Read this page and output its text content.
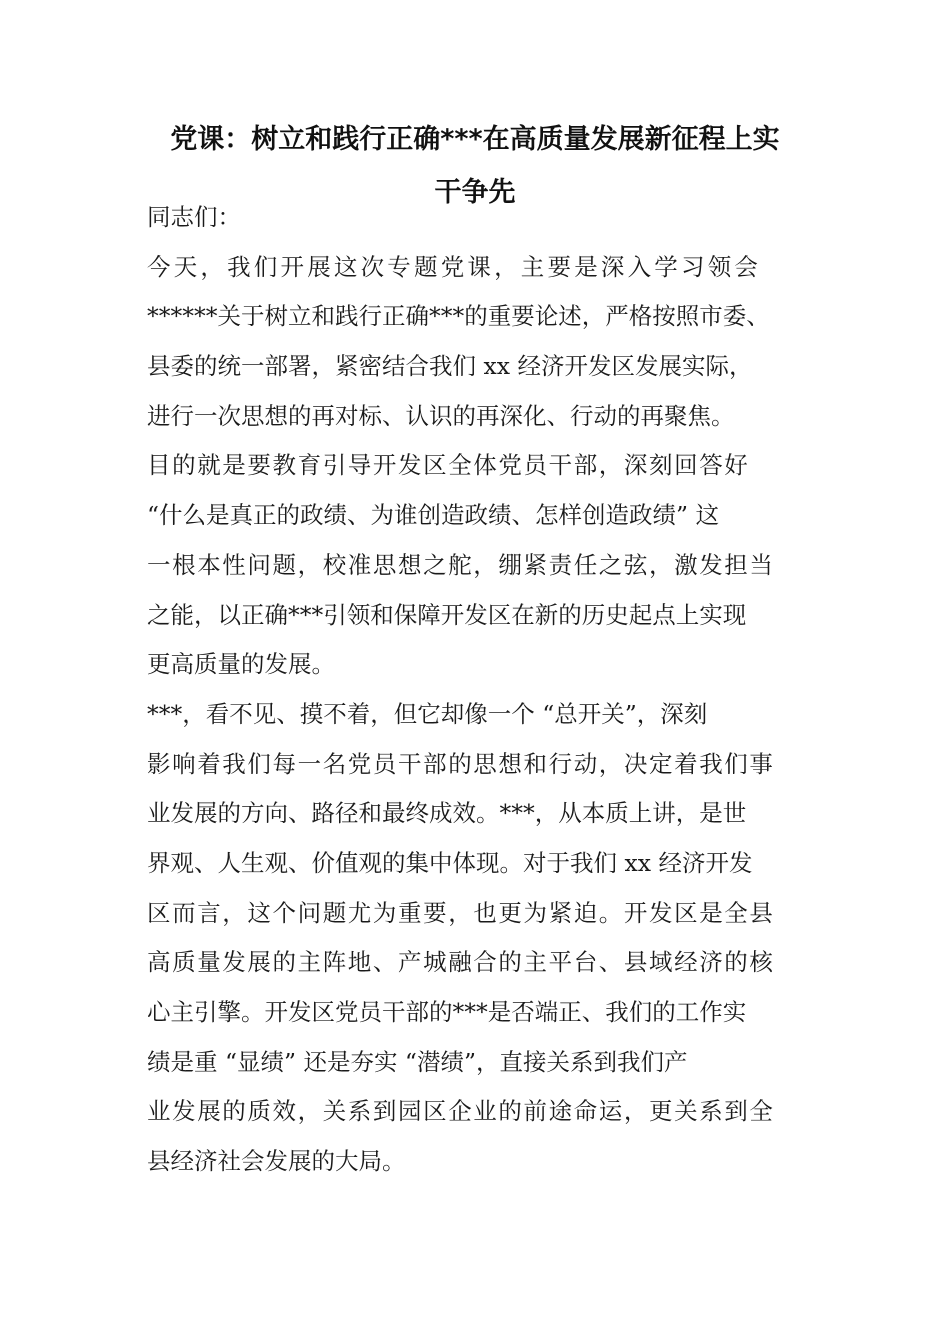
党课：树立和践行正确***在高质量发展新征程上实
干争先
同志们：
今天，我们开展这次专题党课，主要是深入学习领会
******关于树立和践行正确***的重要论述，严格按照市委、
县委的统一部署，紧密结合我们 xx 经济开发区发展实际，
进行一次思想的再对标、认识的再深化、行动的再聚焦。
目的就是要教育引导开发区全体党员干部，深刻回答好
“什么是真正的政绩、为谁创造政绩、怎样创造政绩” 这
一根本性问题，校准思想之舵，绷紧责任之弦，激发担当
之能，以正确***引领和保障开发区在新的历史起点上实现
更高质量的发展。
***，看不见、摸不着，但它却像一个 “总开关”，深刻
影响着我们每一名党员干部的思想和行动，决定着我们事
业发展的方向、路径和最终成效。***，从本质上讲，是世
界观、人生观、价值观的集中体现。对于我们 xx 经济开发
区而言，这个问题尤为重要，也更为紧迫。开发区是全县
高质量发展的主阵地、产城融合的主平台、县域经济的核
心主引擎。开发区党员干部的***是否端正、我们的工作实
绩是重 “显绩” 还是夯实 “潜绩”，直接关系到我们产
业发展的质效，关系到园区企业的前途命运，更关系到全
县经济社会发展的大局。
